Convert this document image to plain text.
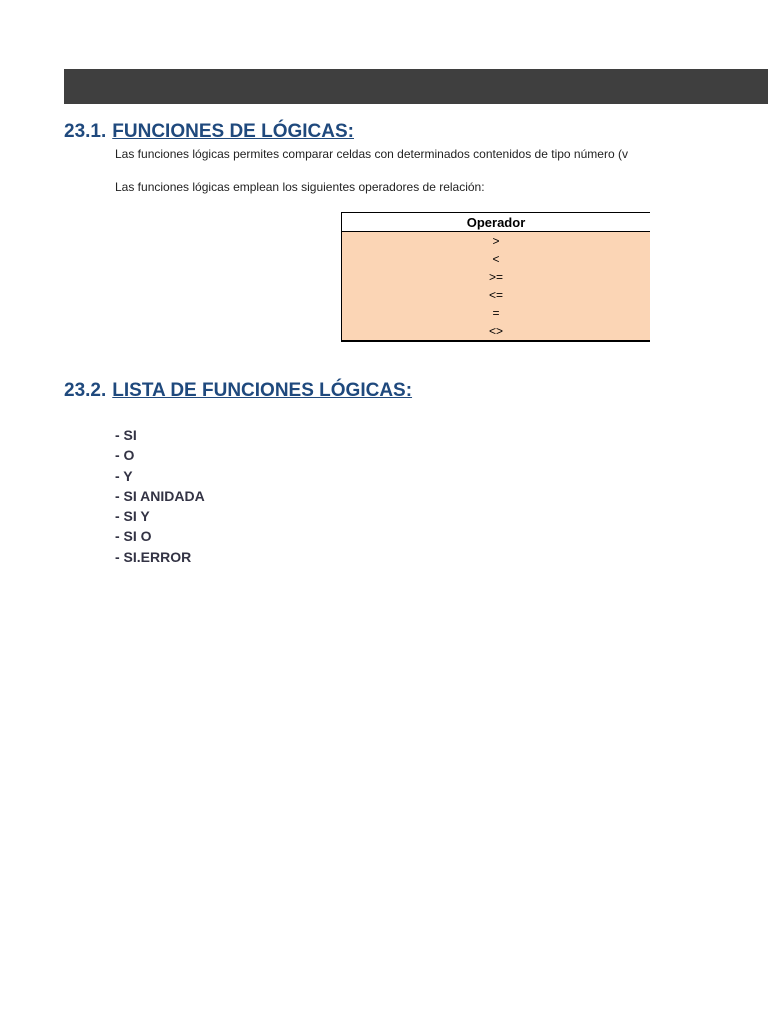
23.1. FUNCIONES DE LÓGICAS:
Las funciones lógicas permites comparar celdas con determinados contenidos de tipo número (v
Las funciones lógicas emplean los siguientes operadores de relación:
Operador
>
<
>=
<=
=
<>
23.2. LISTA DE FUNCIONES LÓGICAS:
- SI
- O
- Y
- SI ANIDADA
- SI Y
- SI O
- SI.ERROR
